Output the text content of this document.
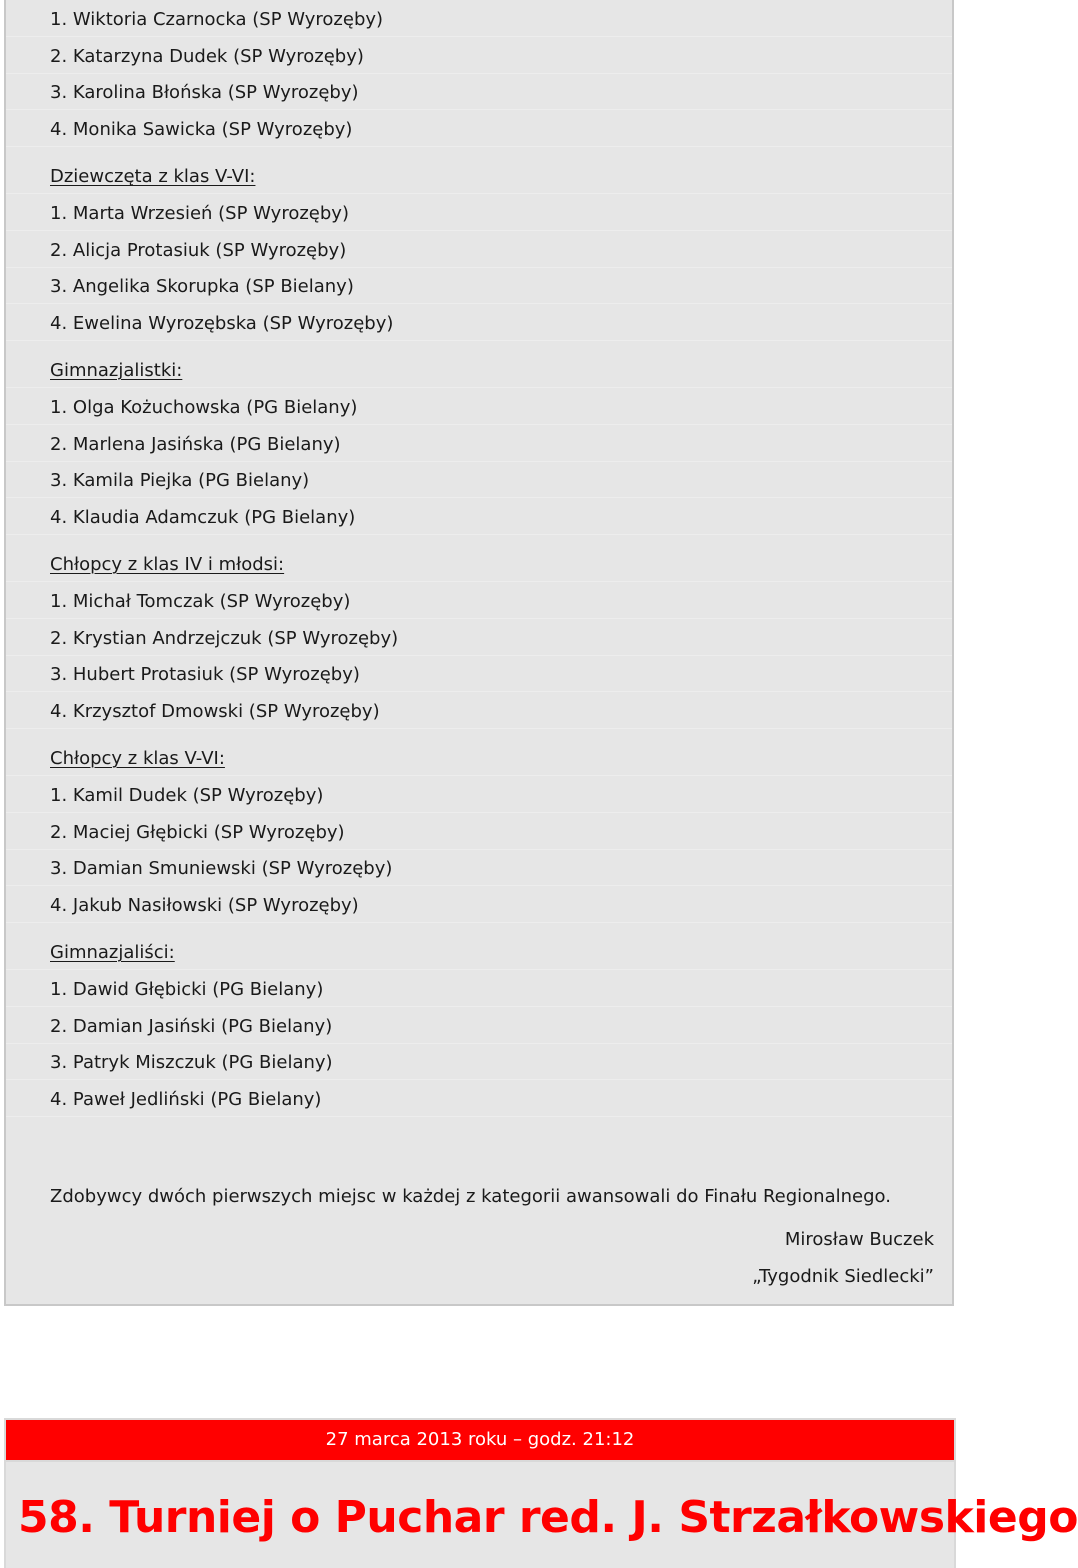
1. Wiktoria Czarnocka (SP Wyrozęby)
2. Katarzyna Dudek (SP Wyrozęby)
3. Karolina Błońska (SP Wyrozęby)
4. Monika Sawicka (SP Wyrozęby)
Dziewczęta z klas V-VI:
1. Marta Wrzesień (SP Wyrozęby)
2. Alicja Protasiuk (SP Wyrozęby)
3. Angelika Skorupka (SP Bielany)
4. Ewelina Wyrozębska (SP Wyrozęby)
Gimnazjalistki:
1. Olga Kożuchowska (PG Bielany)
2. Marlena Jasińska (PG Bielany)
3. Kamila Piejka (PG Bielany)
4. Klaudia Adamczuk (PG Bielany)
Chłopcy z klas IV i młodsi:
1. Michał Tomczak (SP Wyrozęby)
2. Krystian Andrzejczuk (SP Wyrozęby)
3. Hubert Protasiuk (SP Wyrozęby)
4. Krzysztof Dmowski (SP Wyrozęby)
Chłopcy z klas V-VI:
1. Kamil Dudek (SP Wyrozęby)
2. Maciej Głębicki (SP Wyrozęby)
3. Damian Smuniewski (SP Wyrozęby)
4. Jakub Nasiłowski (SP Wyrozęby)
Gimnazjaliści:
1. Dawid Głębicki (PG Bielany)
2. Damian Jasiński (PG Bielany)
3. Patryk Miszczuk (PG Bielany)
4. Paweł Jedliński (PG Bielany)
Zdobywcy dwóch pierwszych miejsc w każdej z kategorii awansowali do Finału Regionalnego.
Mirosław Buczek
„Tygodnik Siedlecki”
27 marca 2013 roku – godz. 21:12
58. Turniej o Puchar red. J. Strzałkowskiego
